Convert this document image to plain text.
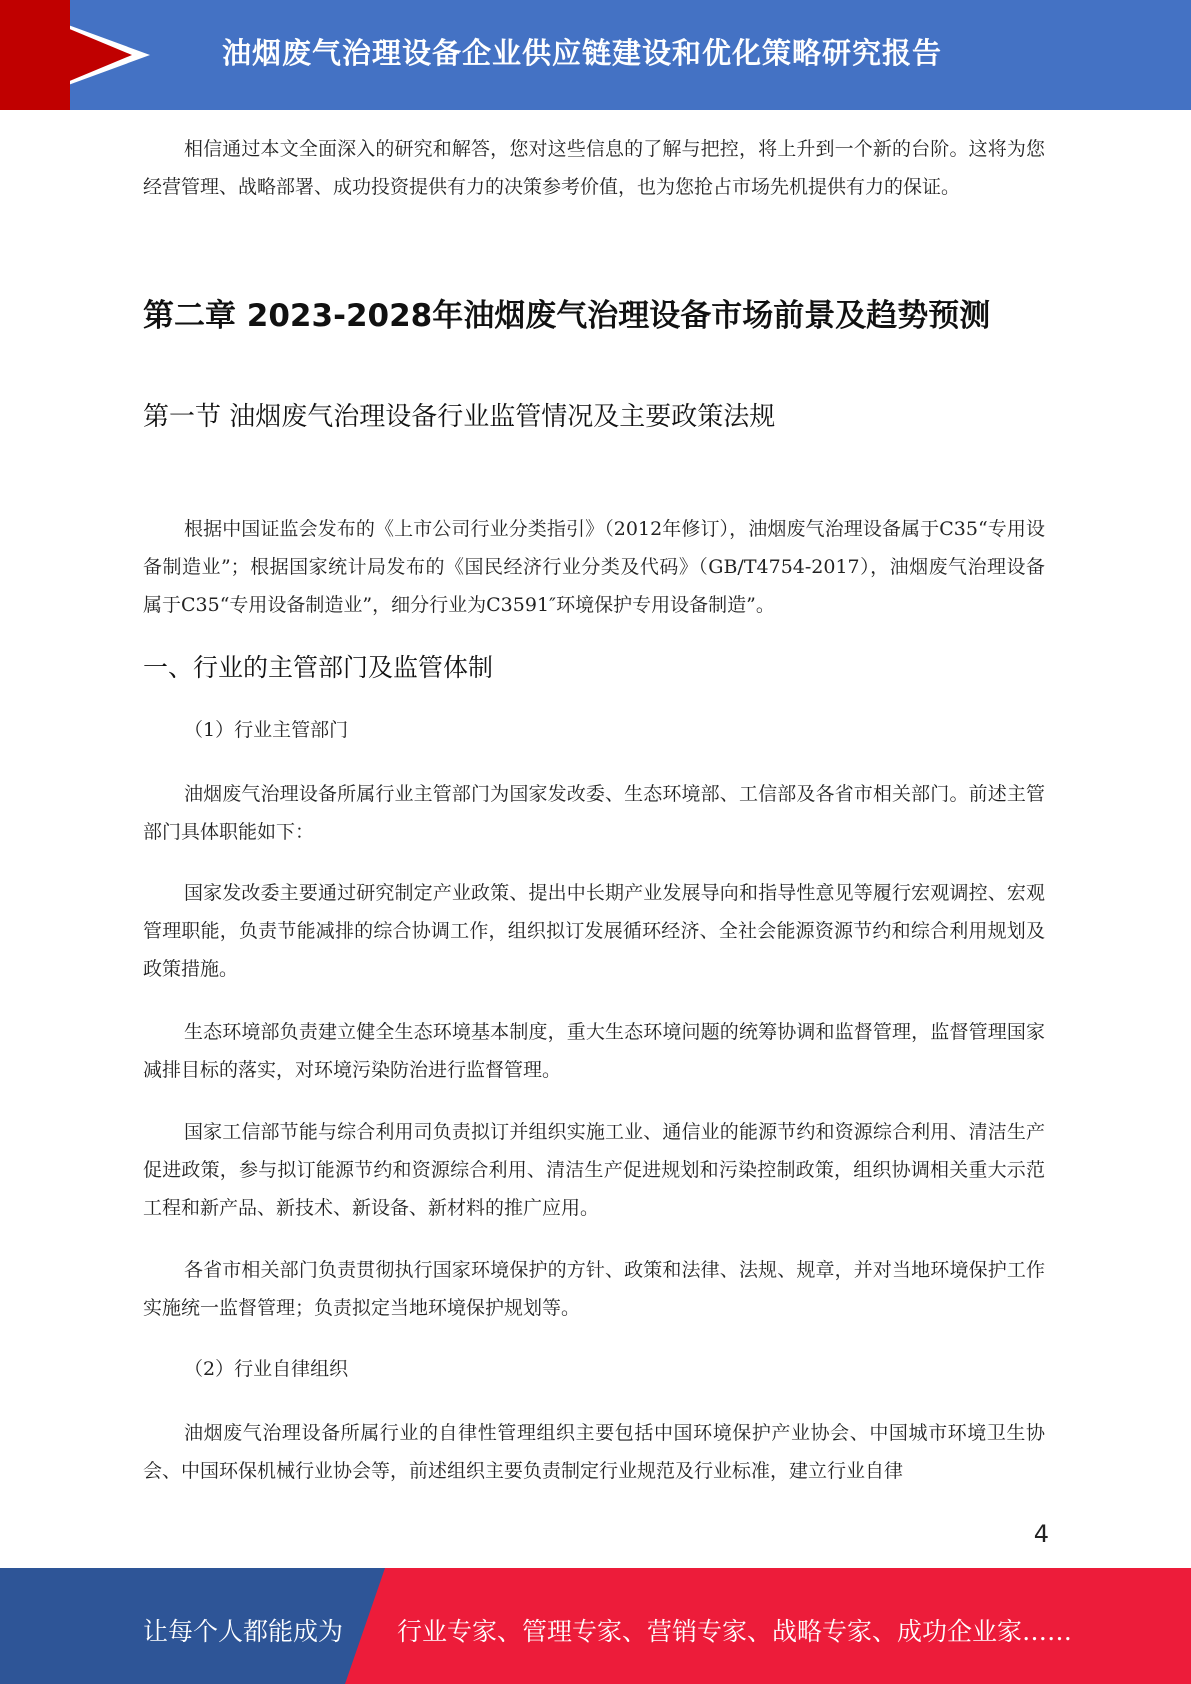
油烟废气治理设备企业供应链建设和优化策略研究报告

相信通过本文全面深入的研究和解答，您对这些信息的了解与把控，将上升到一个新的台阶。这将为您经营管理、战略部署、成功投资提供有力的决策参考价值，也为您抢占市场先机提供有力的保证。

第二章 2023-2028年油烟废气治理设备市场前景及趋势预测
第一节 油烟废气治理设备行业监管情况及主要政策法规

根据中国证监会发布的《上市公司行业分类指引》（2012年修订），油烟废气治理设备属于C35“专用设备制造业”；根据国家统计局发布的《国民经济行业分类及代码》（GB/T4754-2017），油烟废气治理设备属于C35“专用设备制造业”，细分行业为C3591″环境保护专用设备制造”。

一、行业的主管部门及监管体制
（1）行业主管部门

油烟废气治理设备所属行业主管部门为国家发改委、生态环境部、工信部及各省市相关部门。前述主管部门具体职能如下：

国家发改委主要通过研究制定产业政策、提出中长期产业发展导向和指导性意见等履行宏观调控、宏观管理职能，负责节能减排的综合协调工作，组织拟订发展循环经济、全社会能源资源节约和综合利用规划及政策措施。

生态环境部负责建立健全生态环境基本制度，重大生态环境问题的统筹协调和监督管理，监督管理国家减排目标的落实，对环境污染防治进行监督管理。

国家工信部节能与综合利用司负责拟订并组织实施工业、通信业的能源节约和资源综合利用、清洁生产促进政策，参与拟订能源节约和资源综合利用、清洁生产促进规划和污染控制政策，组织协调相关重大示范工程和新产品、新技术、新设备、新材料的推广应用。

各省市相关部门负责贯彻执行国家环境保护的方针、政策和法律、法规、规章，并对当地环境保护工作实施统一监督管理；负责拟定当地环境保护规划等。

（2）行业自律组织

油烟废气治理设备所属行业的自律性管理组织主要包括中国环境保护产业协会、中国城市环境卫生协会、中国环保机械行业协会等，前述组织主要负责制定行业规范及行业标准，建立行业自律

4
让每个人都能成为 行业专家、管理专家、营销专家、战略专家、成功企业家……
